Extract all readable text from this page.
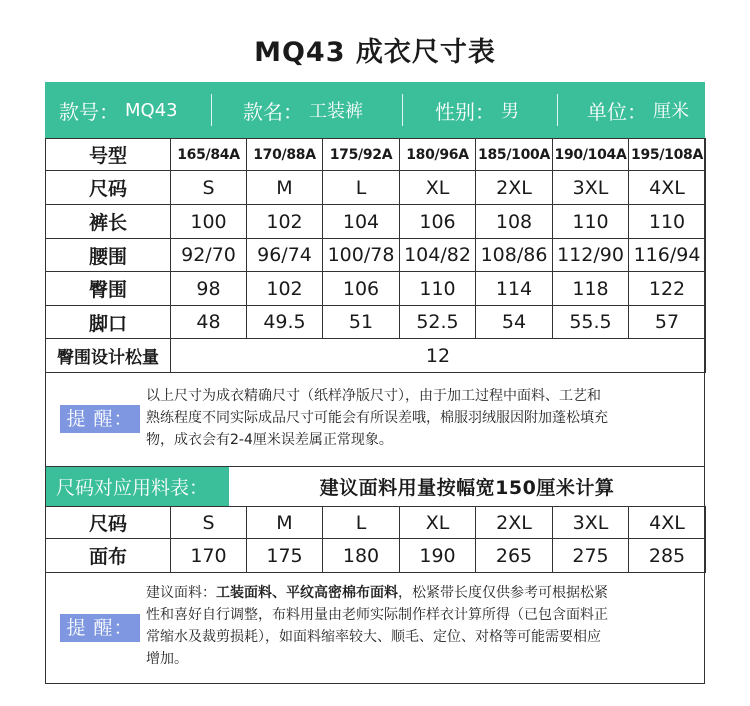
MQ43 成衣尺寸表
款号： MQ43	款名： 工装裤	性别： 男	单位： 厘米
号型	165/84A	170/88A	175/92A	180/96A	185/100A	190/104A	195/108A
尺码	S	M	L	XL	2XL	3XL	4XL
裤长	100	102	104	106	108	110	110
腰围	92/70	96/74	100/78	104/82	108/86	112/90	116/94
臀围	98	102	106	110	114	118	122
脚口	48	49.5	51	52.5	54	55.5	57
臀围设计松量	12						
提 醒：
以上尺寸为成衣精确尺寸（纸样净版尺寸），由于加工过程中面料、工艺和
熟练程度不同实际成品尺寸可能会有所误差哦，棉服羽绒服因附加蓬松填充
物，成衣会有2-4厘米误差属正常现象。
尺码对应用料表：	建议面料用量按幅宽150厘米计算
尺码	S	M	L	XL	2XL	3XL	4XL
面布	170	175	180	190	265	275	285
提 醒：
建议面料：工装面料、平纹高密棉布面料，松紧带长度仅供参考可根据松紧
性和喜好自行调整，布料用量由老师实际制作样衣计算所得（已包含面料正
常缩水及裁剪损耗），如面料缩率较大、顺毛、定位、对格等可能需要相应
增加。
